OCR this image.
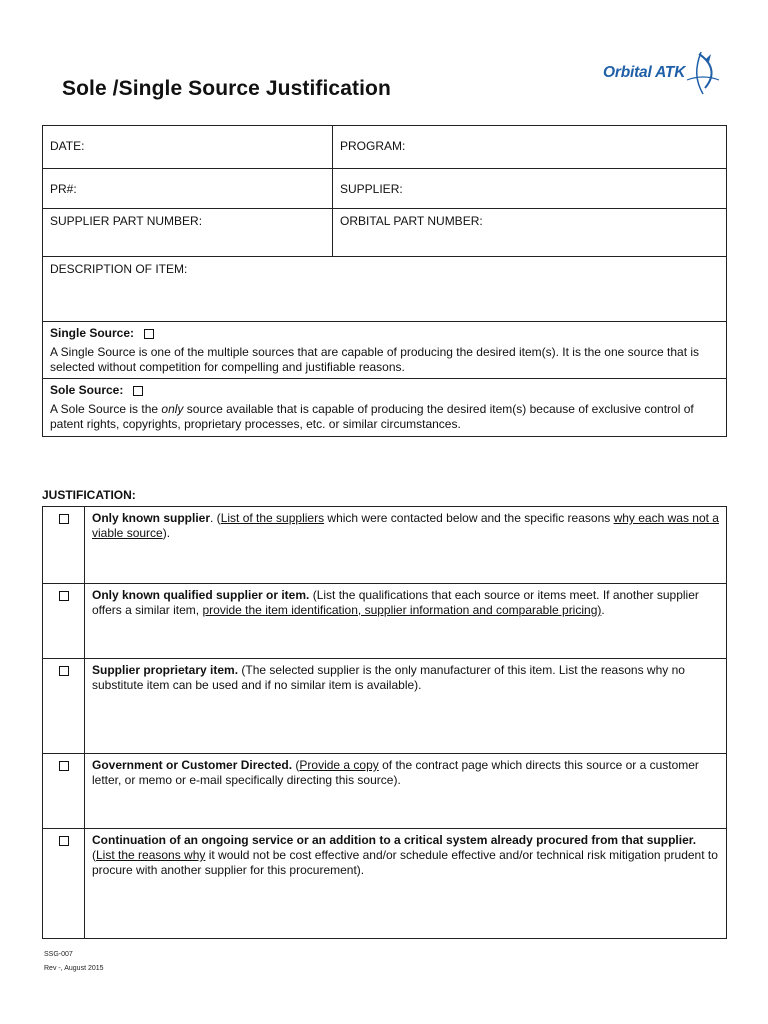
Sole /Single Source Justification
Orbital ATK
DATE:	PROGRAM:
PR#:	SUPPLIER:
SUPPLIER PART NUMBER:	ORBITAL PART NUMBER:
DESCRIPTION OF ITEM:	

Single Source:
A Single Source is one of the multiple sources that are capable of producing the desired item(s). It is the one source that is selected without competition for compelling and justifiable reasons.	

Sole Source:
A Sole Source is the only source available that is capable of producing the desired item(s) because of exclusive control of patent rights, copyrights, proprietary processes, etc. or similar circumstances.	
JUSTIFICATION:
	Only known supplier. (List of the suppliers which were contacted below and the specific reasons why each was not a viable source).
	Only known qualified supplier or item. (List the qualifications that each source or items meet. If another supplier offers a similar item, provide the item identification, supplier information and comparable pricing).
	Supplier proprietary item. (The selected supplier is the only manufacturer of this item. List the reasons why no substitute item can be used and if no similar item is available).
	Government or Customer Directed. (Provide a copy of the contract page which directs this source or a customer letter, or memo or e-mail specifically directing this source).
	Continuation of an ongoing service or an addition to a critical system already procured from that supplier. (List the reasons why it would not be cost effective and/or schedule effective and/or technical risk mitigation prudent to procure with another supplier for this procurement).
SSG-007
Rev -, August 2015
